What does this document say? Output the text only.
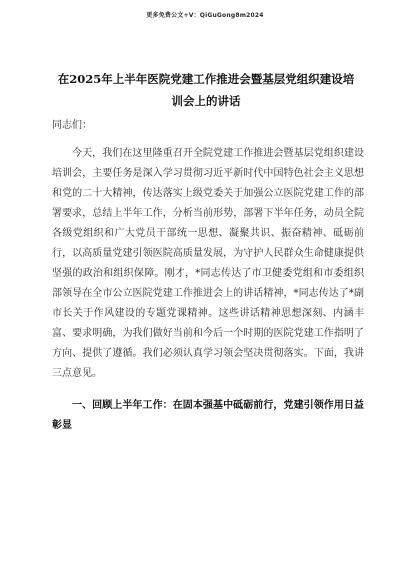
更多免费公文+V：QiGuGong8m2024
在2025年上半年医院党建工作推进会暨基层党组织建设培训会上的讲话

同志们：

今天，我们在这里隆重召开全院党建工作推进会暨基层党组织建设培训会，主要任务是深入学习贯彻习近平新时代中国特色社会主义思想和党的二十大精神，传达落实上级党委关于加强公立医院党建工作的部署要求，总结上半年工作，分析当前形势，部署下半年任务，动员全院各级党组织和广大党员干部统一思想、凝聚共识、振奋精神、砥砺前行，以高质量党建引领医院高质量发展，为守护人民群众生命健康提供坚强的政治和组织保障。刚才，*同志传达了市卫健委党组和市委组织部领导在全市公立医院党建工作推进会上的讲话精神，*同志传达了*副市长关于作风建设的专题党课精神。这些讲话精神思想深刻、内涵丰富、要求明确，为我们做好当前和今后一个时期的医院党建工作指明了方向、提供了遵循。我们必须认真学习领会坚决贯彻落实。下面，我讲三点意见。

一、回顾上半年工作：在固本强基中砥砺前行，党建引领作用日益彰显
